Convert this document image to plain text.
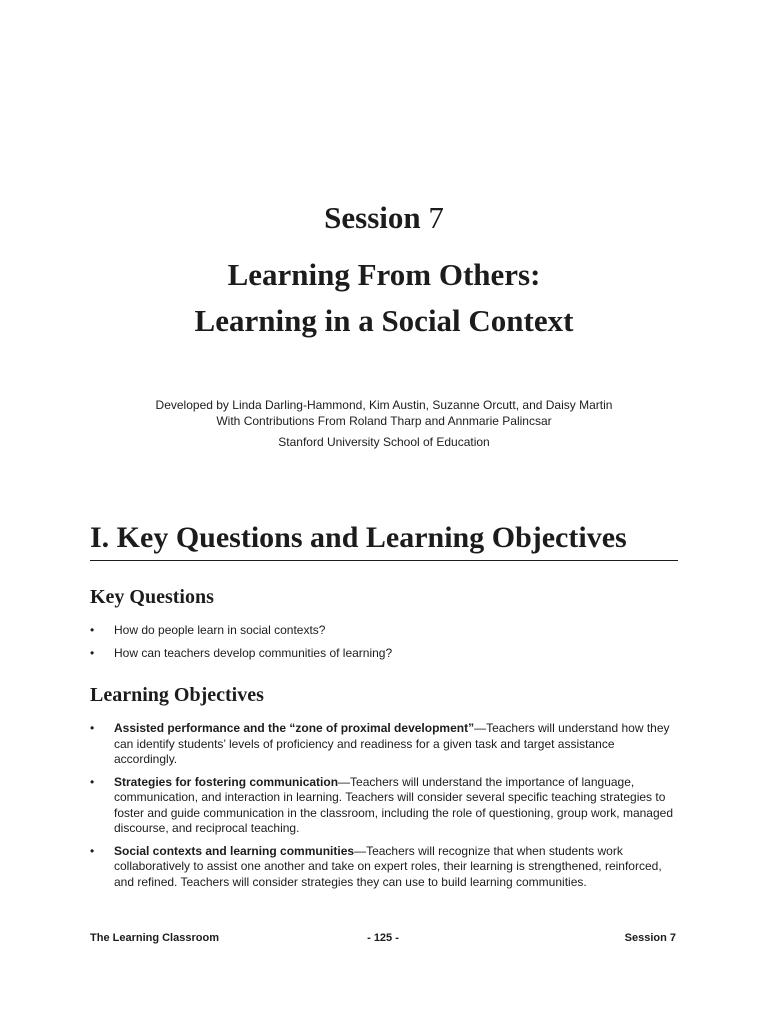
Session 7
Learning From Others:
Learning in a Social Context
Developed by Linda Darling-Hammond, Kim Austin, Suzanne Orcutt, and Daisy Martin
With Contributions From Roland Tharp and Annmarie Palincsar
Stanford University School of Education
I. Key Questions and Learning Objectives
Key Questions
• How do people learn in social contexts?
• How can teachers develop communities of learning?
Learning Objectives
• Assisted performance and the “zone of proximal development”—Teachers will understand how they can identify students’ levels of proficiency and readiness for a given task and target assistance accordingly.
• Strategies for fostering communication—Teachers will understand the importance of language, communication, and interaction in learning. Teachers will consider several specific teaching strategies to foster and guide communication in the classroom, including the role of questioning, group work, managed discourse, and reciprocal teaching.
• Social contexts and learning communities—Teachers will recognize that when students work collaboratively to assist one another and take on expert roles, their learning is strengthened, reinforced, and refined. Teachers will consider strategies they can use to build learning communities.
The Learning Classroom	- 125 -	Session 7
